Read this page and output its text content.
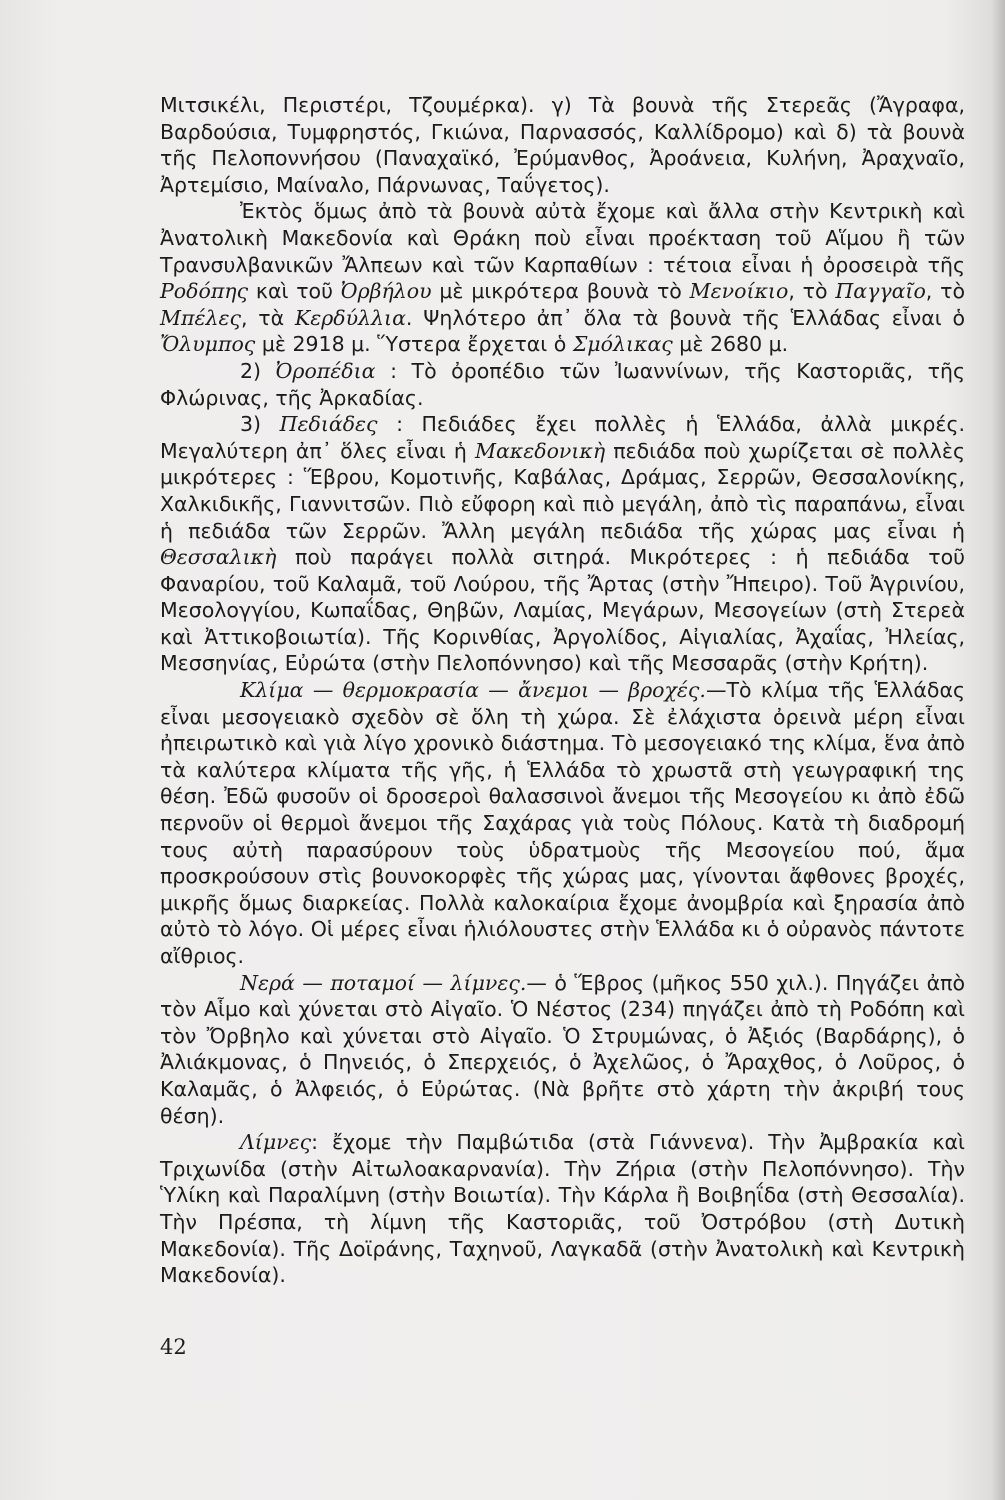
Μιτσικέλι, Περιστέρι, Τζουμέρκα). γ) Τὰ βουνὰ τῆς Στερεᾶς (Ἄγραφα, Βαρδούσια, Τυμφρηστός, Γκιώνα, Παρνασσός, Καλλίδρομο) καὶ δ) τὰ βουνὰ τῆς Πελοποννήσου (Παναχαϊκό, Ἐρύμανθος, Ἀροάνεια, Κυλήνη, Ἀραχναῖο, Ἀρτεμίσιο, Μαίναλο, Πάρνωνας, Ταΰγετος).

Ἐκτὸς ὅμως ἀπὸ τὰ βουνὰ αὐτὰ ἔχομε καὶ ἄλλα στὴν Κεντρικὴ καὶ Ἀνατολικὴ Μακεδονία καὶ Θράκη ποὺ εἶναι προέκταση τοῦ Αἵμου ἢ τῶν Τρανσυλβανικῶν Ἄλπεων καὶ τῶν Καρπαθίων : τέτοια εἶναι ἡ ὀροσειρὰ τῆς Ροδόπης καὶ τοῦ Ὀρβήλου μὲ μικρότερα βουνὰ τὸ Μενοίκιο, τὸ Παγγαῖο, τὸ Μπέλες, τὰ Κερδύλλια. Ψηλότερο ἀπ᾽ ὅλα τὰ βουνὰ τῆς Ἑλλάδας εἶναι ὁ Ὄλυμπος μὲ 2918 μ. Ὕστερα ἔρχεται ὁ Σμόλικας μὲ 2680 μ.

2) Ὀροπέδια : Τὸ ὀροπέδιο τῶν Ἰωαννίνων, τῆς Καστοριᾶς, τῆς Φλώρινας, τῆς Ἀρκαδίας.

3) Πεδιάδες : Πεδιάδες ἔχει πολλὲς ἡ Ἑλλάδα, ἀλλὰ μικρές. Μεγαλύτερη ἀπ᾽ ὅλες εἶναι ἡ Μακεδονικὴ πεδιάδα ποὺ χωρίζεται σὲ πολλὲς μικρότερες : Ἕβρου, Κομοτινῆς, Καβάλας, Δράμας, Σερρῶν, Θεσσαλονίκης, Χαλκιδικῆς, Γιαννιτσῶν. Πιὸ εὔφορη καὶ πιὸ μεγάλη, ἀπὸ τὶς παραπάνω, εἶναι ἡ πεδιάδα τῶν Σερρῶν. Ἄλλη μεγάλη πεδιάδα τῆς χώρας μας εἶναι ἡ Θεσσαλικὴ ποὺ παράγει πολλὰ σιτηρά. Μικρότερες : ἡ πεδιάδα τοῦ Φαναρίου, τοῦ Καλαμᾶ, τοῦ Λούρου, τῆς Ἄρτας (στὴν Ἤπειρο). Τοῦ Ἀγρινίου, Μεσολογγίου, Κωπαΐδας, Θηβῶν, Λαμίας, Μεγάρων, Μεσογείων (στὴ Στερεὰ καὶ Ἀττικοβοιωτία). Τῆς Κορινθίας, Ἀργολίδος, Αἰγιαλίας, Ἀχαΐας, Ἠλείας, Μεσσηνίας, Εὐρώτα (στὴν Πελοπόννησο) καὶ τῆς Μεσσαρᾶς (στὴν Κρήτη).

Κλίμα — θερμοκρασία — ἄνεμοι — βροχές.—Τὸ κλίμα τῆς Ἑλλάδας εἶναι μεσογειακὸ σχεδὸν σὲ ὅλη τὴ χώρα. Σὲ ἐλάχιστα ὀρεινὰ μέρη εἶναι ἠπειρωτικὸ καὶ γιὰ λίγο χρονικὸ διάστημα. Τὸ μεσογειακό της κλίμα, ἕνα ἀπὸ τὰ καλύτερα κλίματα τῆς γῆς, ἡ Ἑλλάδα τὸ χρωστᾶ στὴ γεωγραφική της θέση. Ἐδῶ φυσοῦν οἱ δροσεροὶ θαλασσινοὶ ἄνεμοι τῆς Μεσογείου κι ἀπὸ ἐδῶ περνοῦν οἱ θερμοὶ ἄνεμοι τῆς Σαχάρας γιὰ τοὺς Πόλους. Κατὰ τὴ διαδρομή τους αὐτὴ παρασύρουν τοὺς ὑδρατμοὺς τῆς Μεσογείου πού, ἅμα προσκρούσουν στὶς βουνοκορφὲς τῆς χώρας μας, γίνονται ἄφθονες βροχές, μικρῆς ὅμως διαρκείας. Πολλὰ καλοκαίρια ἔχομε ἀνομβρία καὶ ξηρασία ἀπὸ αὐτὸ τὸ λόγο. Οἱ μέρες εἶναι ἡλιόλουστες στὴν Ἑλλάδα κι ὁ οὐρανὸς πάντοτε αἴθριος.

Νερά — ποταμοί — λίμνες.— ὁ Ἕβρος (μῆκος 550 χιλ.). Πηγάζει ἀπὸ τὸν Αἷμο καὶ χύνεται στὸ Αἰγαῖο. Ὁ Νέστος (234) πηγάζει ἀπὸ τὴ Ροδόπη καὶ τὸν Ὄρβηλο καὶ χύνεται στὸ Αἰγαῖο. Ὁ Στρυμώνας, ὁ Ἀξιός (Βαρδάρης), ὁ Ἀλιάκμονας, ὁ Πηνειός, ὁ Σπερχειός, ὁ Ἀχελῶος, ὁ Ἄραχθος, ὁ Λοῦρος, ὁ Καλαμᾶς, ὁ Ἀλφειός, ὁ Εὐρώτας. (Νὰ βρῆτε στὸ χάρτη τὴν ἀκριβή τους θέση).

Λίμνες: ἔχομε τὴν Παμβώτιδα (στὰ Γιάννενα). Τὴν Ἀμβρακία καὶ Τριχωνίδα (στὴν Αἰτωλοακαρνανία). Τὴν Ζήρια (στὴν Πελοπόννησο). Τὴν Ὑλίκη καὶ Παραλίμνη (στὴν Βοιωτία). Τὴν Κάρλα ἢ Βοιβηΐδα (στὴ Θεσσαλία). Τὴν Πρέσπα, τὴ λίμνη τῆς Καστοριᾶς, τοῦ Ὀστρόβου (στὴ Δυτικὴ Μακεδονία). Τῆς Δοϊράνης, Ταχηνοῦ, Λαγκαδᾶ (στὴν Ἀνατολικὴ καὶ Κεντρικὴ Μακεδονία).

42
